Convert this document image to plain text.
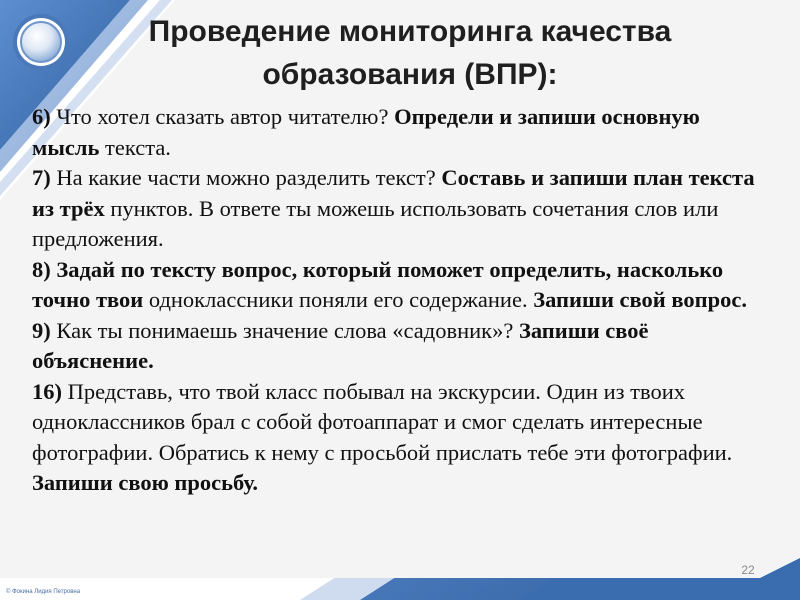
Проведение мониторинга качества
образования (ВПР):
6) Что хотел сказать автор читателю? Определи и запиши основную мысль текста.
7) На какие части можно разделить текст? Составь и запиши план текста из трёх пунктов. В ответе ты можешь использовать сочетания слов или предложения.
8) Задай по тексту вопрос, который поможет определить, насколько точно твои одноклассники поняли его содержание. Запиши свой вопрос.
9) Как ты понимаешь значение слова «садовник»? Запиши своё объяснение.
16) Представь, что твой класс побывал на экскурсии. Один из твоих одноклассников брал с собой фотоаппарат и смог сделать интересные фотографии. Обратись к нему с просьбой прислать тебе эти фотографии. Запиши свою просьбу.
22
© Фокина Лидия Петровна
